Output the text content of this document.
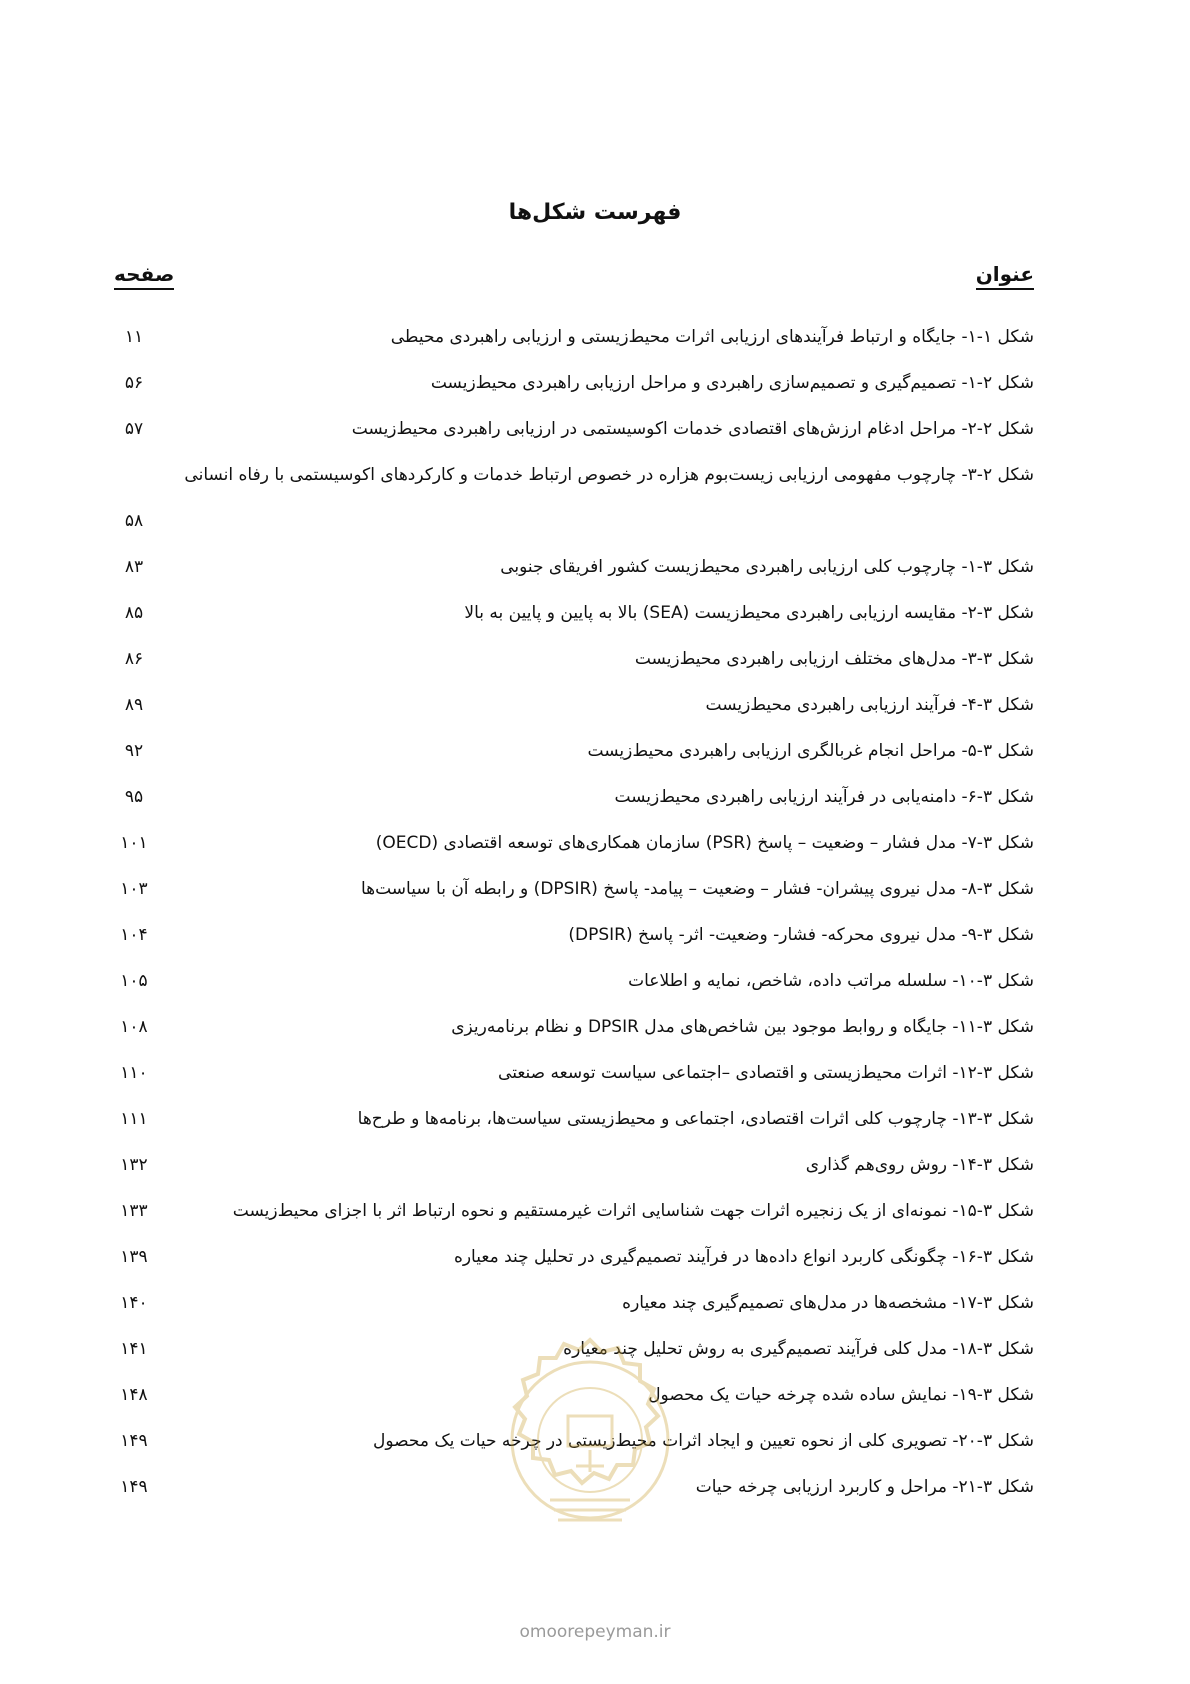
فهرست شکل‌ها
عنوان
صفحه
شکل ۱-۱- جایگاه و ارتباط فرآیندهای ارزیابی اثرات محیط‌زیستی و ارزیابی راهبردی محیطی
۱۱
شکل ۲-۱- تصمیم‌گیری و تصمیم‌سازی راهبردی و مراحل ارزیابی راهبردی محیط‌زیست
۵۶
شکل ۲-۲- مراحل ادغام ارزش‌های اقتصادی خدمات اکوسیستمی در ارزیابی راهبردی محیط‌زیست
۵۷
شکل ۲-۳- چارچوب مفهومی ارزیابی زیست‌بوم هزاره در خصوص ارتباط خدمات و کارکردهای اکوسیستمی با رفاه انسانی
۵۸
شکل ۳-۱- چارچوب کلی ارزیابی راهبردی محیط‌زیست کشور افریقای جنوبی
۸۳
شکل ۳-۲- مقایسه ارزیابی راهبردی محیط‌زیست (SEA) بالا به پایین و پایین به بالا
۸۵
شکل ۳-۳- مدل‌های مختلف ارزیابی راهبردی محیط‌زیست
۸۶
شکل ۳-۴- فرآیند ارزیابی راهبردی محیط‌زیست
۸۹
شکل ۳-۵- مراحل انجام غربالگری ارزیابی راهبردی محیط‌زیست
۹۲
شکل ۳-۶- دامنه‌یابی در فرآیند ارزیابی راهبردی محیط‌زیست
۹۵
شکل ۳-۷- مدل فشار – وضعیت – پاسخ (PSR) سازمان همکاری‌های توسعه اقتصادی (OECD)
۱۰۱
شکل ۳-۸- مدل نیروی پیشران- فشار – وضعیت – پیامد- پاسخ (DPSIR) و رابطه آن با سیاست‌ها
۱۰۳
شکل ۳-۹- مدل نیروی محرکه- فشار- وضعیت- اثر- پاسخ (DPSIR)
۱۰۴
شکل ۳-۱۰- سلسله مراتب داده، شاخص، نمایه و اطلاعات
۱۰۵
شکل ۳-۱۱- جایگاه و روابط موجود بین شاخص‌های مدل DPSIR و نظام برنامه‌ریزی
۱۰۸
شکل ۳-۱۲- اثرات محیط‌زیستی و اقتصادی –اجتماعی سیاست توسعه صنعتی
۱۱۰
شکل ۳-۱۳- چارچوب کلی اثرات اقتصادی، اجتماعی و محیط‌زیستی سیاست‌ها، برنامه‌ها و طرح‌ها
۱۱۱
شکل ۳-۱۴- روش روی‌هم گذاری
۱۳۲
شکل ۳-۱۵- نمونه‌ای از یک زنجیره اثرات جهت شناسایی اثرات غیرمستقیم و نحوه ارتباط اثر با اجزای محیط‌زیست
۱۳۳
شکل ۳-۱۶- چگونگی کاربرد انواع داده‌ها در فرآیند تصمیم‌گیری در تحلیل چند معیاره
۱۳۹
شکل ۳-۱۷- مشخصه‌ها در مدل‌های تصمیم‌گیری چند معیاره
۱۴۰
شکل ۳-۱۸- مدل کلی فرآیند تصمیم‌گیری به روش تحلیل چند معیاره
۱۴۱
شکل ۳-۱۹- نمایش ساده شده چرخه حیات یک محصول
۱۴۸
شکل ۳-۲۰- تصویری کلی از نحوه تعیین و ایجاد اثرات محیط‌زیستی در چرخه حیات یک محصول
۱۴۹
شکل ۳-۲۱- مراحل و کاربرد ارزیابی چرخه حیات
۱۴۹
omoorepeyman.ir
